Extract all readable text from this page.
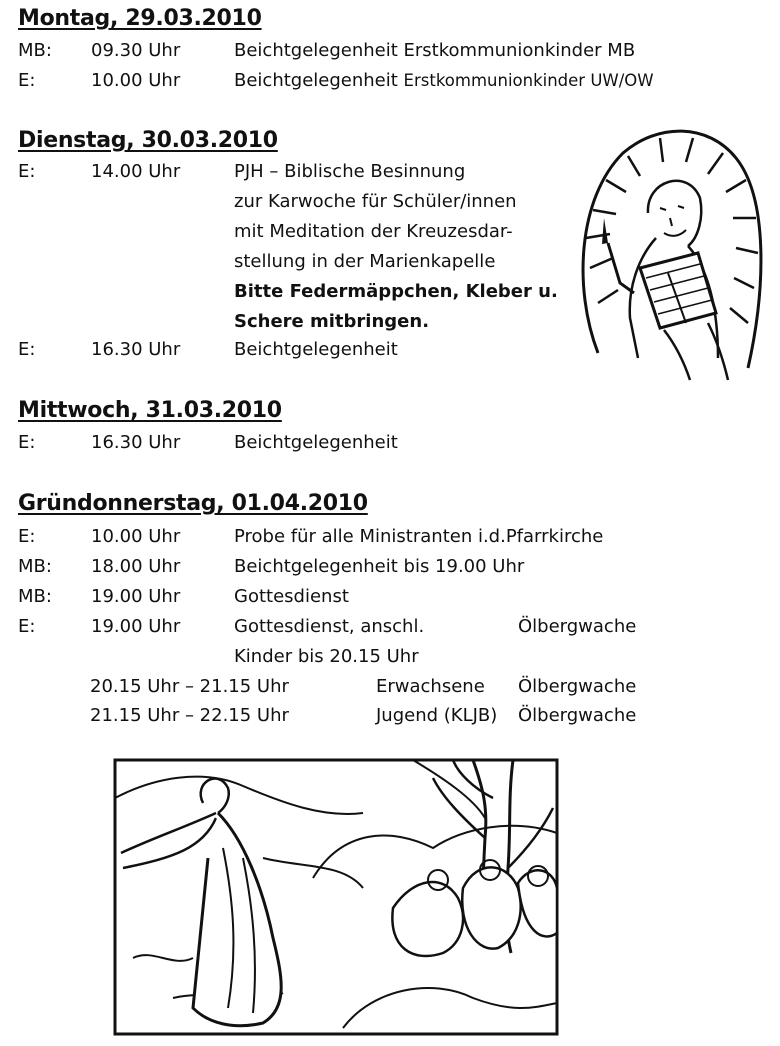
Montag, 29.03.2010
MB: 09.30 Uhr	Beichtgelegenheit Erstkommunionkinder MB
E:	10.00 Uhr	Beichtgelegenheit Erstkommunionkinder UW/OW
Dienstag, 30.03.2010
E:	14.00 Uhr	PJH – Biblische Besinnung
zur Karwoche für Schüler/innen
mit Meditation der Kreuzesdar-
stellung in der Marienkapelle
Bitte Federmäppchen, Kleber u.
Schere mitbringen.
E:	16.30 Uhr	Beichtgelegenheit
Mittwoch, 31.03.2010
E:	16.30 Uhr	Beichtgelegenheit
Gründonnerstag, 01.04.2010
E:	10.00 Uhr	Probe für alle Ministranten i.d.Pfarrkirche
MB: 18.00 Uhr	Beichtgelegenheit bis 19.00 Uhr
MB: 19.00 Uhr	Gottesdienst
E:	19.00 Uhr	Gottesdienst, anschl.	Ölbergwache
Kinder bis 20.15 Uhr
20.15 Uhr – 21.15 Uhr	Erwachsene Ölbergwache
21.15 Uhr – 22.15 Uhr	Jugend (KLJB) Ölbergwache
